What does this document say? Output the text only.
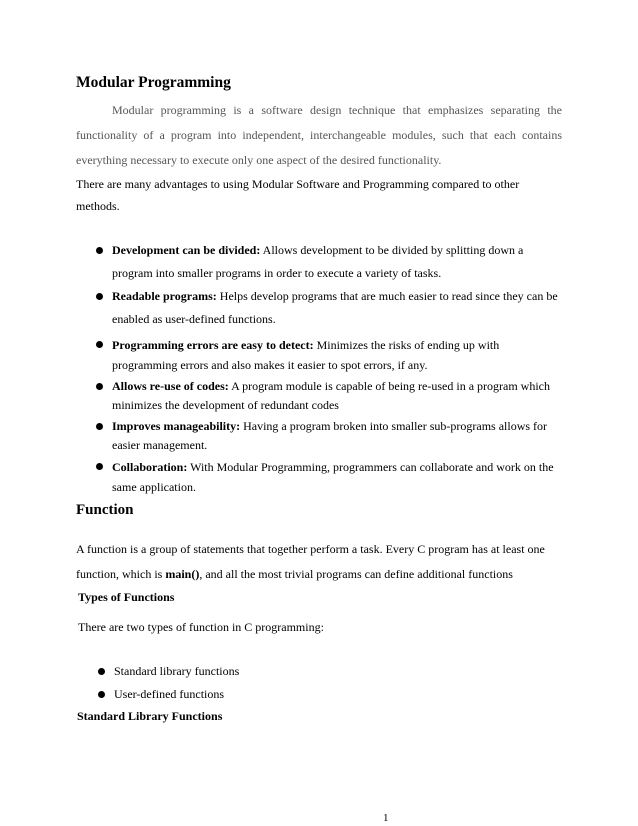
Modular Programming

Modular programming is a software design technique that emphasizes separating the functionality of a program into independent, interchangeable modules, such that each contains everything necessary to execute only one aspect of the desired functionality.

There are many advantages to using Modular Software and Programming compared to other methods.

Development can be divided: Allows development to be divided by splitting down a program into smaller programs in order to execute a variety of tasks.
Readable programs: Helps develop programs that are much easier to read since they can be enabled as user-defined functions.
Programming errors are easy to detect: Minimizes the risks of ending up with programming errors and also makes it easier to spot errors, if any.
Allows re-use of codes: A program module is capable of being re-used in a program which minimizes the development of redundant codes
Improves manageability: Having a program broken into smaller sub-programs allows for easier management.
Collaboration: With Modular Programming, programmers can collaborate and work on the same application.
Function

A function is a group of statements that together perform a task. Every C program has at least one function, which is main(), and all the most trivial programs can define additional functions

Types of Functions

There are two types of function in C programming:

Standard library functions
User-defined functions
Standard Library Functions
1
